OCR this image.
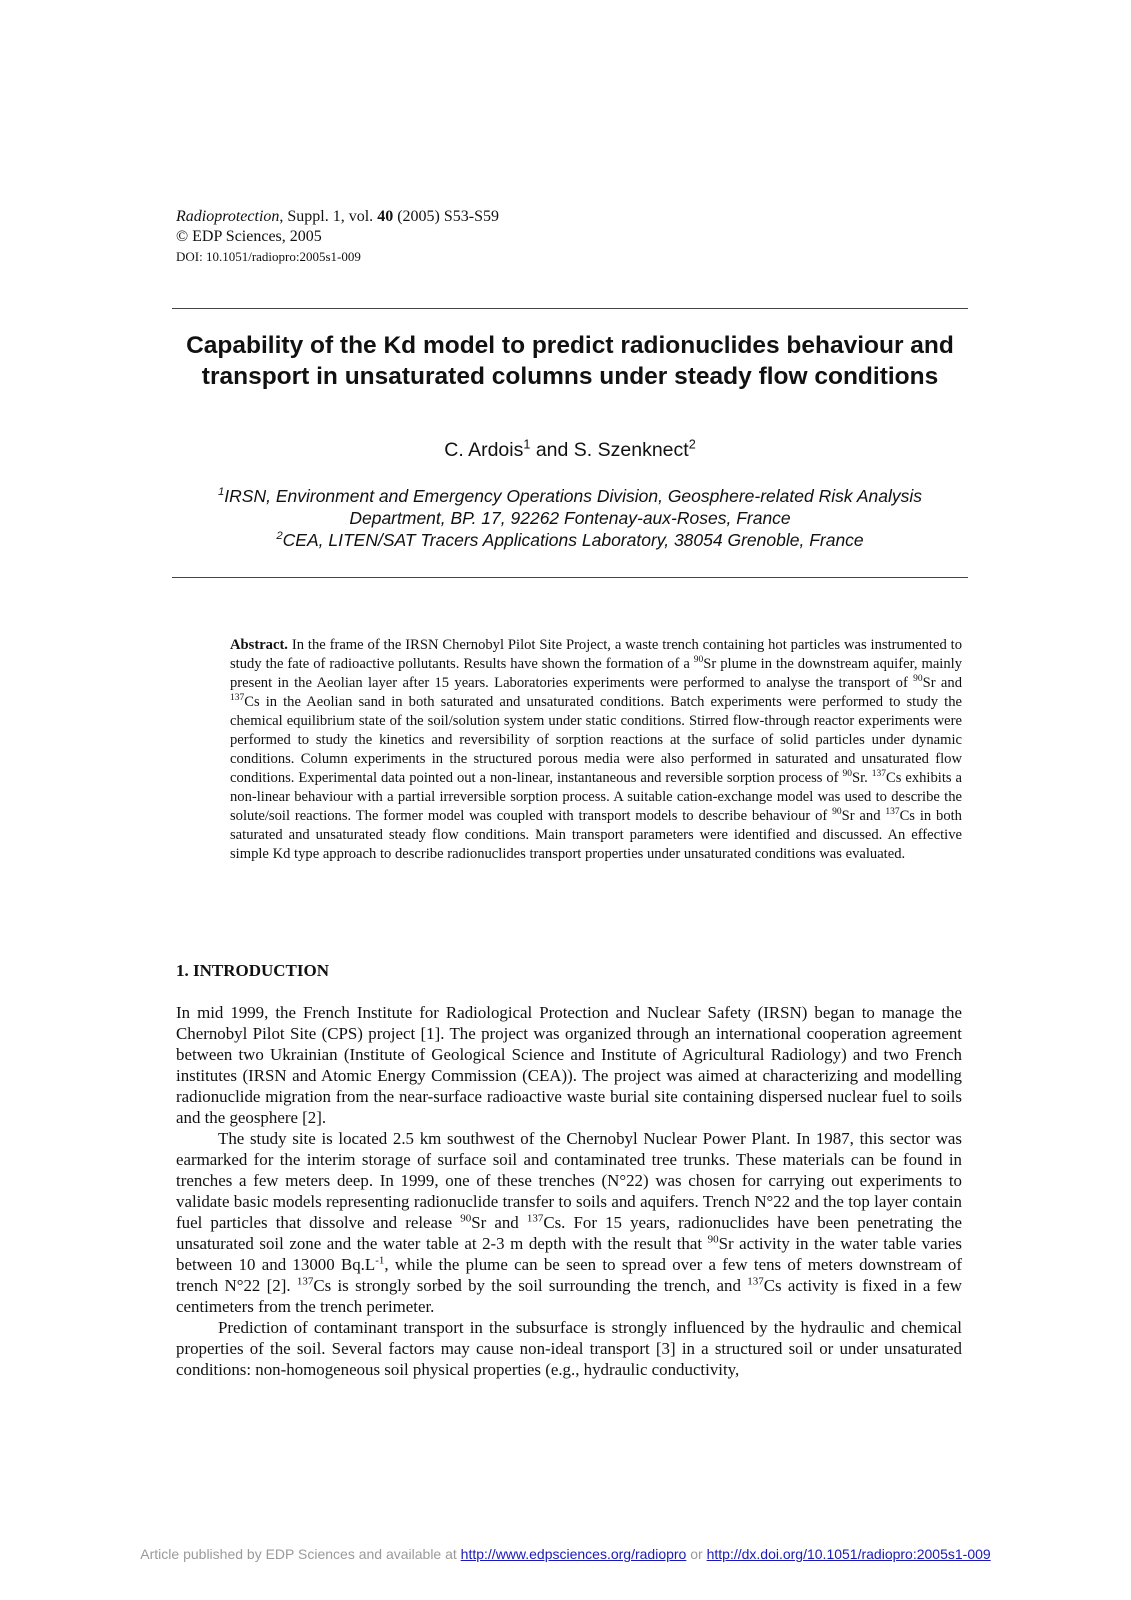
Radioprotection, Suppl. 1, vol. 40 (2005) S53-S59
© EDP Sciences, 2005
DOI: 10.1051/radiopro:2005s1-009
Capability of the Kd model to predict radionuclides behaviour and transport in unsaturated columns under steady flow conditions
C. Ardois$^1$ and S. Szenknect$^2$
$^1$IRSN, Environment and Emergency Operations Division, Geosphere-related Risk Analysis Department, BP. 17, 92262 Fontenay-aux-Roses, France
$^2$CEA, LITEN/SAT Tracers Applications Laboratory, 38054 Grenoble, France

Abstract. In the frame of the IRSN Chernobyl Pilot Site Project, a waste trench containing hot particles was instrumented to study the fate of radioactive pollutants. Results have shown the formation of a $^{90}$Sr plume in the downstream aquifer, mainly present in the Aeolian layer after 15 years. Laboratories experiments were performed to analyse the transport of $^{90}$Sr and $^{137}$Cs in the Aeolian sand in both saturated and unsaturated conditions. Batch experiments were performed to study the chemical equilibrium state of the soil/solution system under static conditions. Stirred flow-through reactor experiments were performed to study the kinetics and reversibility of sorption reactions at the surface of solid particles under dynamic conditions. Column experiments in the structured porous media were also performed in saturated and unsaturated flow conditions. Experimental data pointed out a non-linear, instantaneous and reversible sorption process of $^{90}$Sr. $^{137}$Cs exhibits a non-linear behaviour with a partial irreversible sorption process. A suitable cation-exchange model was used to describe the solute/soil reactions. The former model was coupled with transport models to describe behaviour of $^{90}$Sr and $^{137}$Cs in both saturated and unsaturated steady flow conditions. Main transport parameters were identified and discussed. An effective simple Kd type approach to describe radionuclides transport properties under unsaturated conditions was evaluated.

1. INTRODUCTION

In mid 1999, the French Institute for Radiological Protection and Nuclear Safety (IRSN) began to manage the Chernobyl Pilot Site (CPS) project [1]. The project was organized through an international cooperation agreement between two Ukrainian (Institute of Geological Science and Institute of Agricultural Radiology) and two French institutes (IRSN and Atomic Energy Commission (CEA)). The project was aimed at characterizing and modelling radionuclide migration from the near-surface radioactive waste burial site containing dispersed nuclear fuel to soils and the geosphere [2].

The study site is located 2.5 km southwest of the Chernobyl Nuclear Power Plant. In 1987, this sector was earmarked for the interim storage of surface soil and contaminated tree trunks. These materials can be found in trenches a few meters deep. In 1999, one of these trenches (N°22) was chosen for carrying out experiments to validate basic models representing radionuclide transfer to soils and aquifers. Trench N°22 and the top layer contain fuel particles that dissolve and release $^{90}$Sr and $^{137}$Cs. For 15 years, radionuclides have been penetrating the unsaturated soil zone and the water table at 2-3 m depth with the result that $^{90}$Sr activity in the water table varies between 10 and 13000 $Bq.L^{-1}$, while the plume can be seen to spread over a few tens of meters downstream of trench N°22 [2]. $^{137}$Cs is strongly sorbed by the soil surrounding the trench, and $^{137}$Cs activity is fixed in a few centimeters from the trench perimeter.

Prediction of contaminant transport in the subsurface is strongly influenced by the hydraulic and chemical properties of the soil. Several factors may cause non-ideal transport [3] in a structured soil or under unsaturated conditions: non-homogeneous soil physical properties (e.g., hydraulic conductivity,

Article published by EDP Sciences and available at http://www.edpsciences.org/radiopro or http://dx.doi.org/10.1051/radiopro:2005s1-009
